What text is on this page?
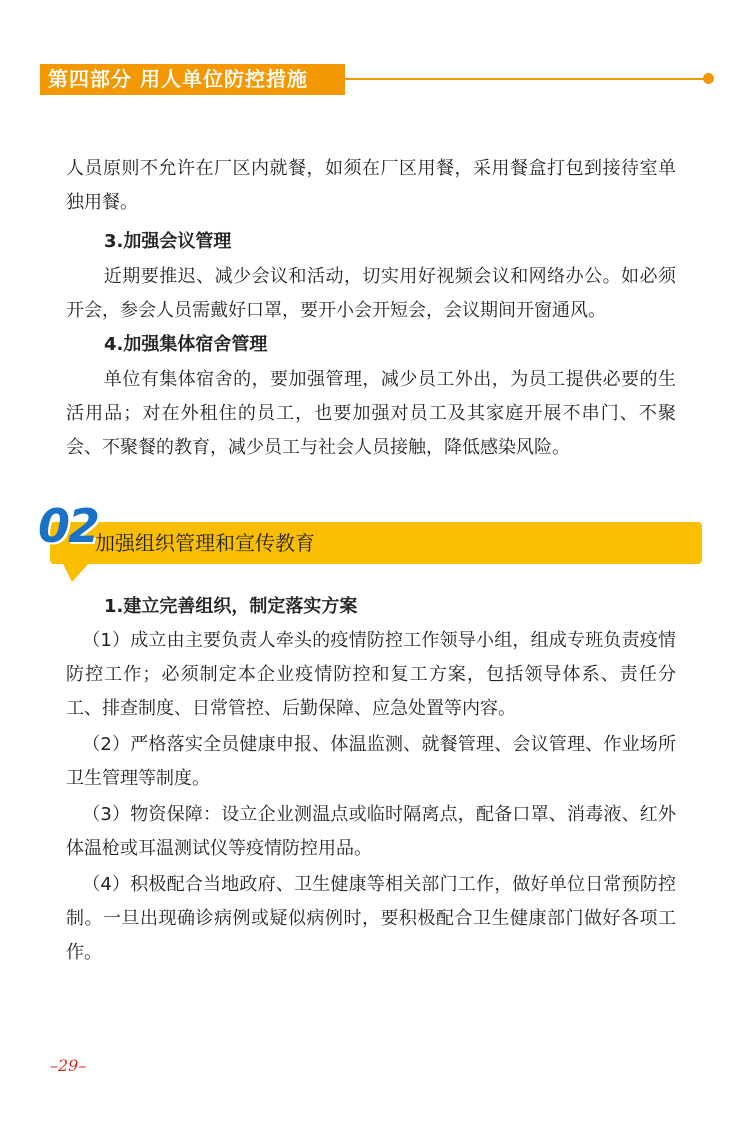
第四部分 用人单位防控措施
人员原则不允许在厂区内就餐，如须在厂区用餐，采用餐盒打包到接待室单独用餐。
3.加强会议管理
近期要推迟、减少会议和活动，切实用好视频会议和网络办公。如必须开会，参会人员需戴好口罩，要开小会开短会，会议期间开窗通风。
4.加强集体宿舍管理
单位有集体宿舍的，要加强管理，减少员工外出，为员工提供必要的生活用品；对在外租住的员工，也要加强对员工及其家庭开展不串门、不聚会、不聚餐的教育，减少员工与社会人员接触，降低感染风险。
02
加强组织管理和宣传教育
1.建立完善组织，制定落实方案
（1）成立由主要负责人牵头的疫情防控工作领导小组，组成专班负责疫情防控工作；必须制定本企业疫情防控和复工方案，包括领导体系、责任分工、排查制度、日常管控、后勤保障、应急处置等内容。
（2）严格落实全员健康申报、体温监测、就餐管理、会议管理、作业场所卫生管理等制度。
（3）物资保障：设立企业测温点或临时隔离点，配备口罩、消毒液、红外体温枪或耳温测试仪等疫情防控用品。
（4）积极配合当地政府、卫生健康等相关部门工作，做好单位日常预防控制。一旦出现确诊病例或疑似病例时，要积极配合卫生健康部门做好各项工作。
–29–
